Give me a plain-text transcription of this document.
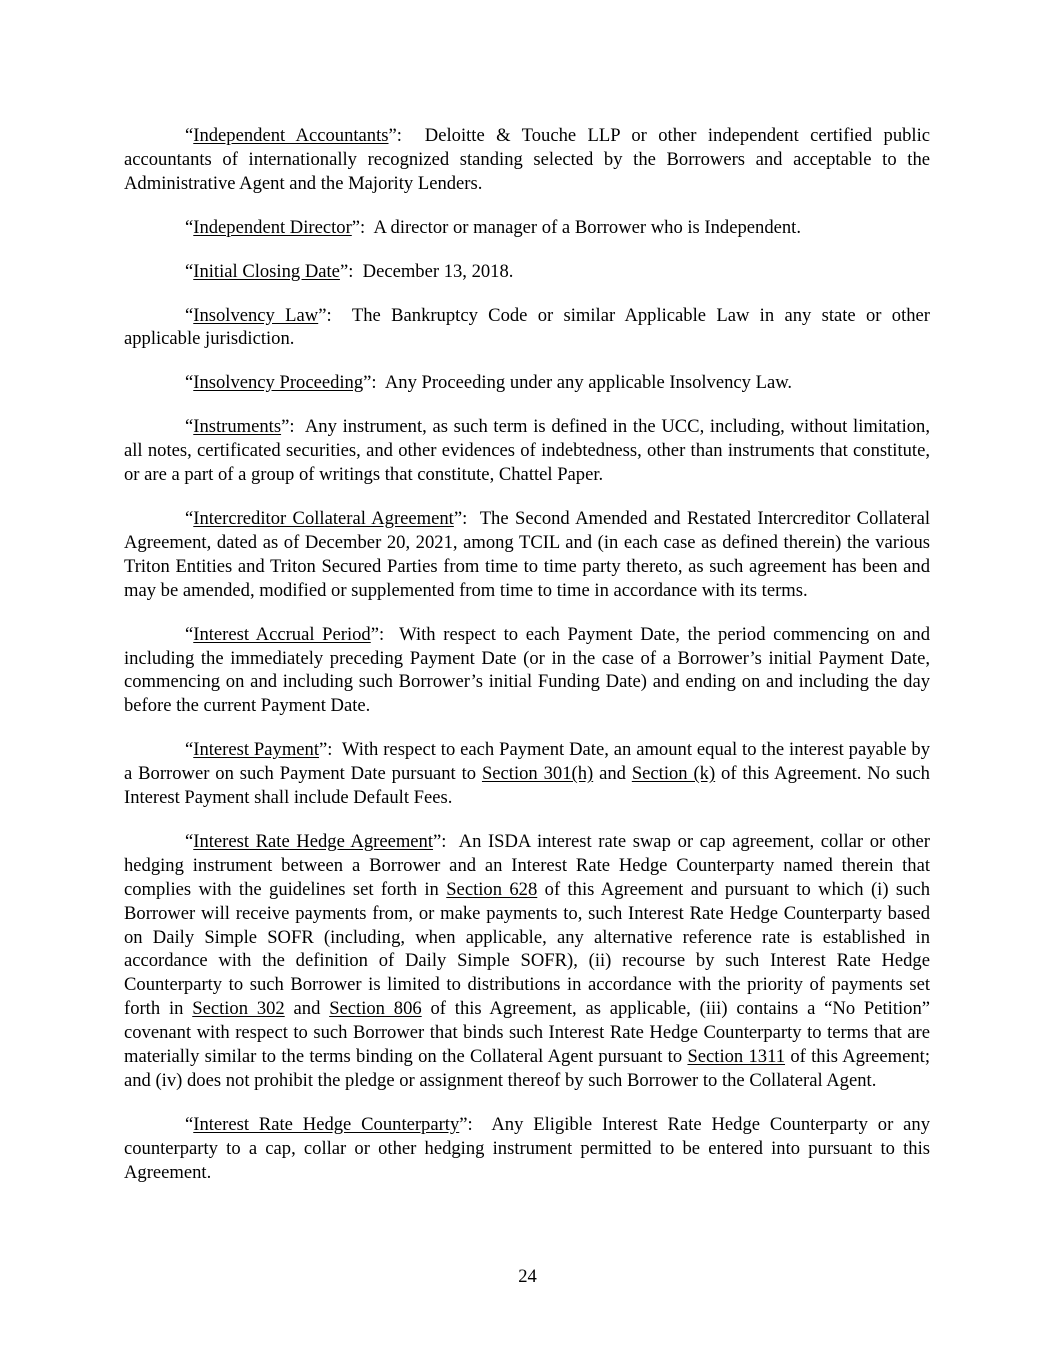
“Independent Accountants”:  Deloitte & Touche LLP or other independent certified public accountants of internationally recognized standing selected by the Borrowers and acceptable to the Administrative Agent and the Majority Lenders.

“Independent Director”:  A director or manager of a Borrower who is Independent.

“Initial Closing Date”:  December 13, 2018.

“Insolvency Law”:  The Bankruptcy Code or similar Applicable Law in any state or other applicable jurisdiction.

“Insolvency Proceeding”:  Any Proceeding under any applicable Insolvency Law.

“Instruments”:  Any instrument, as such term is defined in the UCC, including, without limitation, all notes, certificated securities, and other evidences of indebtedness, other than instruments that constitute, or are a part of a group of writings that constitute, Chattel Paper.

“Intercreditor Collateral Agreement”:  The Second Amended and Restated Intercreditor Collateral Agreement, dated as of December 20, 2021, among TCIL and (in each case as defined therein) the various Triton Entities and Triton Secured Parties from time to time party thereto, as such agreement has been and may be amended, modified or supplemented from time to time in accordance with its terms.

“Interest Accrual Period”:  With respect to each Payment Date, the period commencing on and including the immediately preceding Payment Date (or in the case of a Borrower’s initial Payment Date, commencing on and including such Borrower’s initial Funding Date) and ending on and including the day before the current Payment Date.

“Interest Payment”:  With respect to each Payment Date, an amount equal to the interest payable by a Borrower on such Payment Date pursuant to Section 301(h) and Section (k) of this Agreement. No such Interest Payment shall include Default Fees.

“Interest Rate Hedge Agreement”:  An ISDA interest rate swap or cap agreement, collar or other hedging instrument between a Borrower and an Interest Rate Hedge Counterparty named therein that complies with the guidelines set forth in Section 628 of this Agreement and pursuant to which (i) such Borrower will receive payments from, or make payments to, such Interest Rate Hedge Counterparty based on Daily Simple SOFR (including, when applicable, any alternative reference rate is established in accordance with the definition of Daily Simple SOFR), (ii) recourse by such Interest Rate Hedge Counterparty to such Borrower is limited to distributions in accordance with the priority of payments set forth in Section 302 and Section 806 of this Agreement, as applicable, (iii) contains a “No Petition” covenant with respect to such Borrower that binds such Interest Rate Hedge Counterparty to terms that are materially similar to the terms binding on the Collateral Agent pursuant to Section 1311 of this Agreement; and (iv) does not prohibit the pledge or assignment thereof by such Borrower to the Collateral Agent.

“Interest Rate Hedge Counterparty”:  Any Eligible Interest Rate Hedge Counterparty or any counterparty to a cap, collar or other hedging instrument permitted to be entered into pursuant to this Agreement.

24
